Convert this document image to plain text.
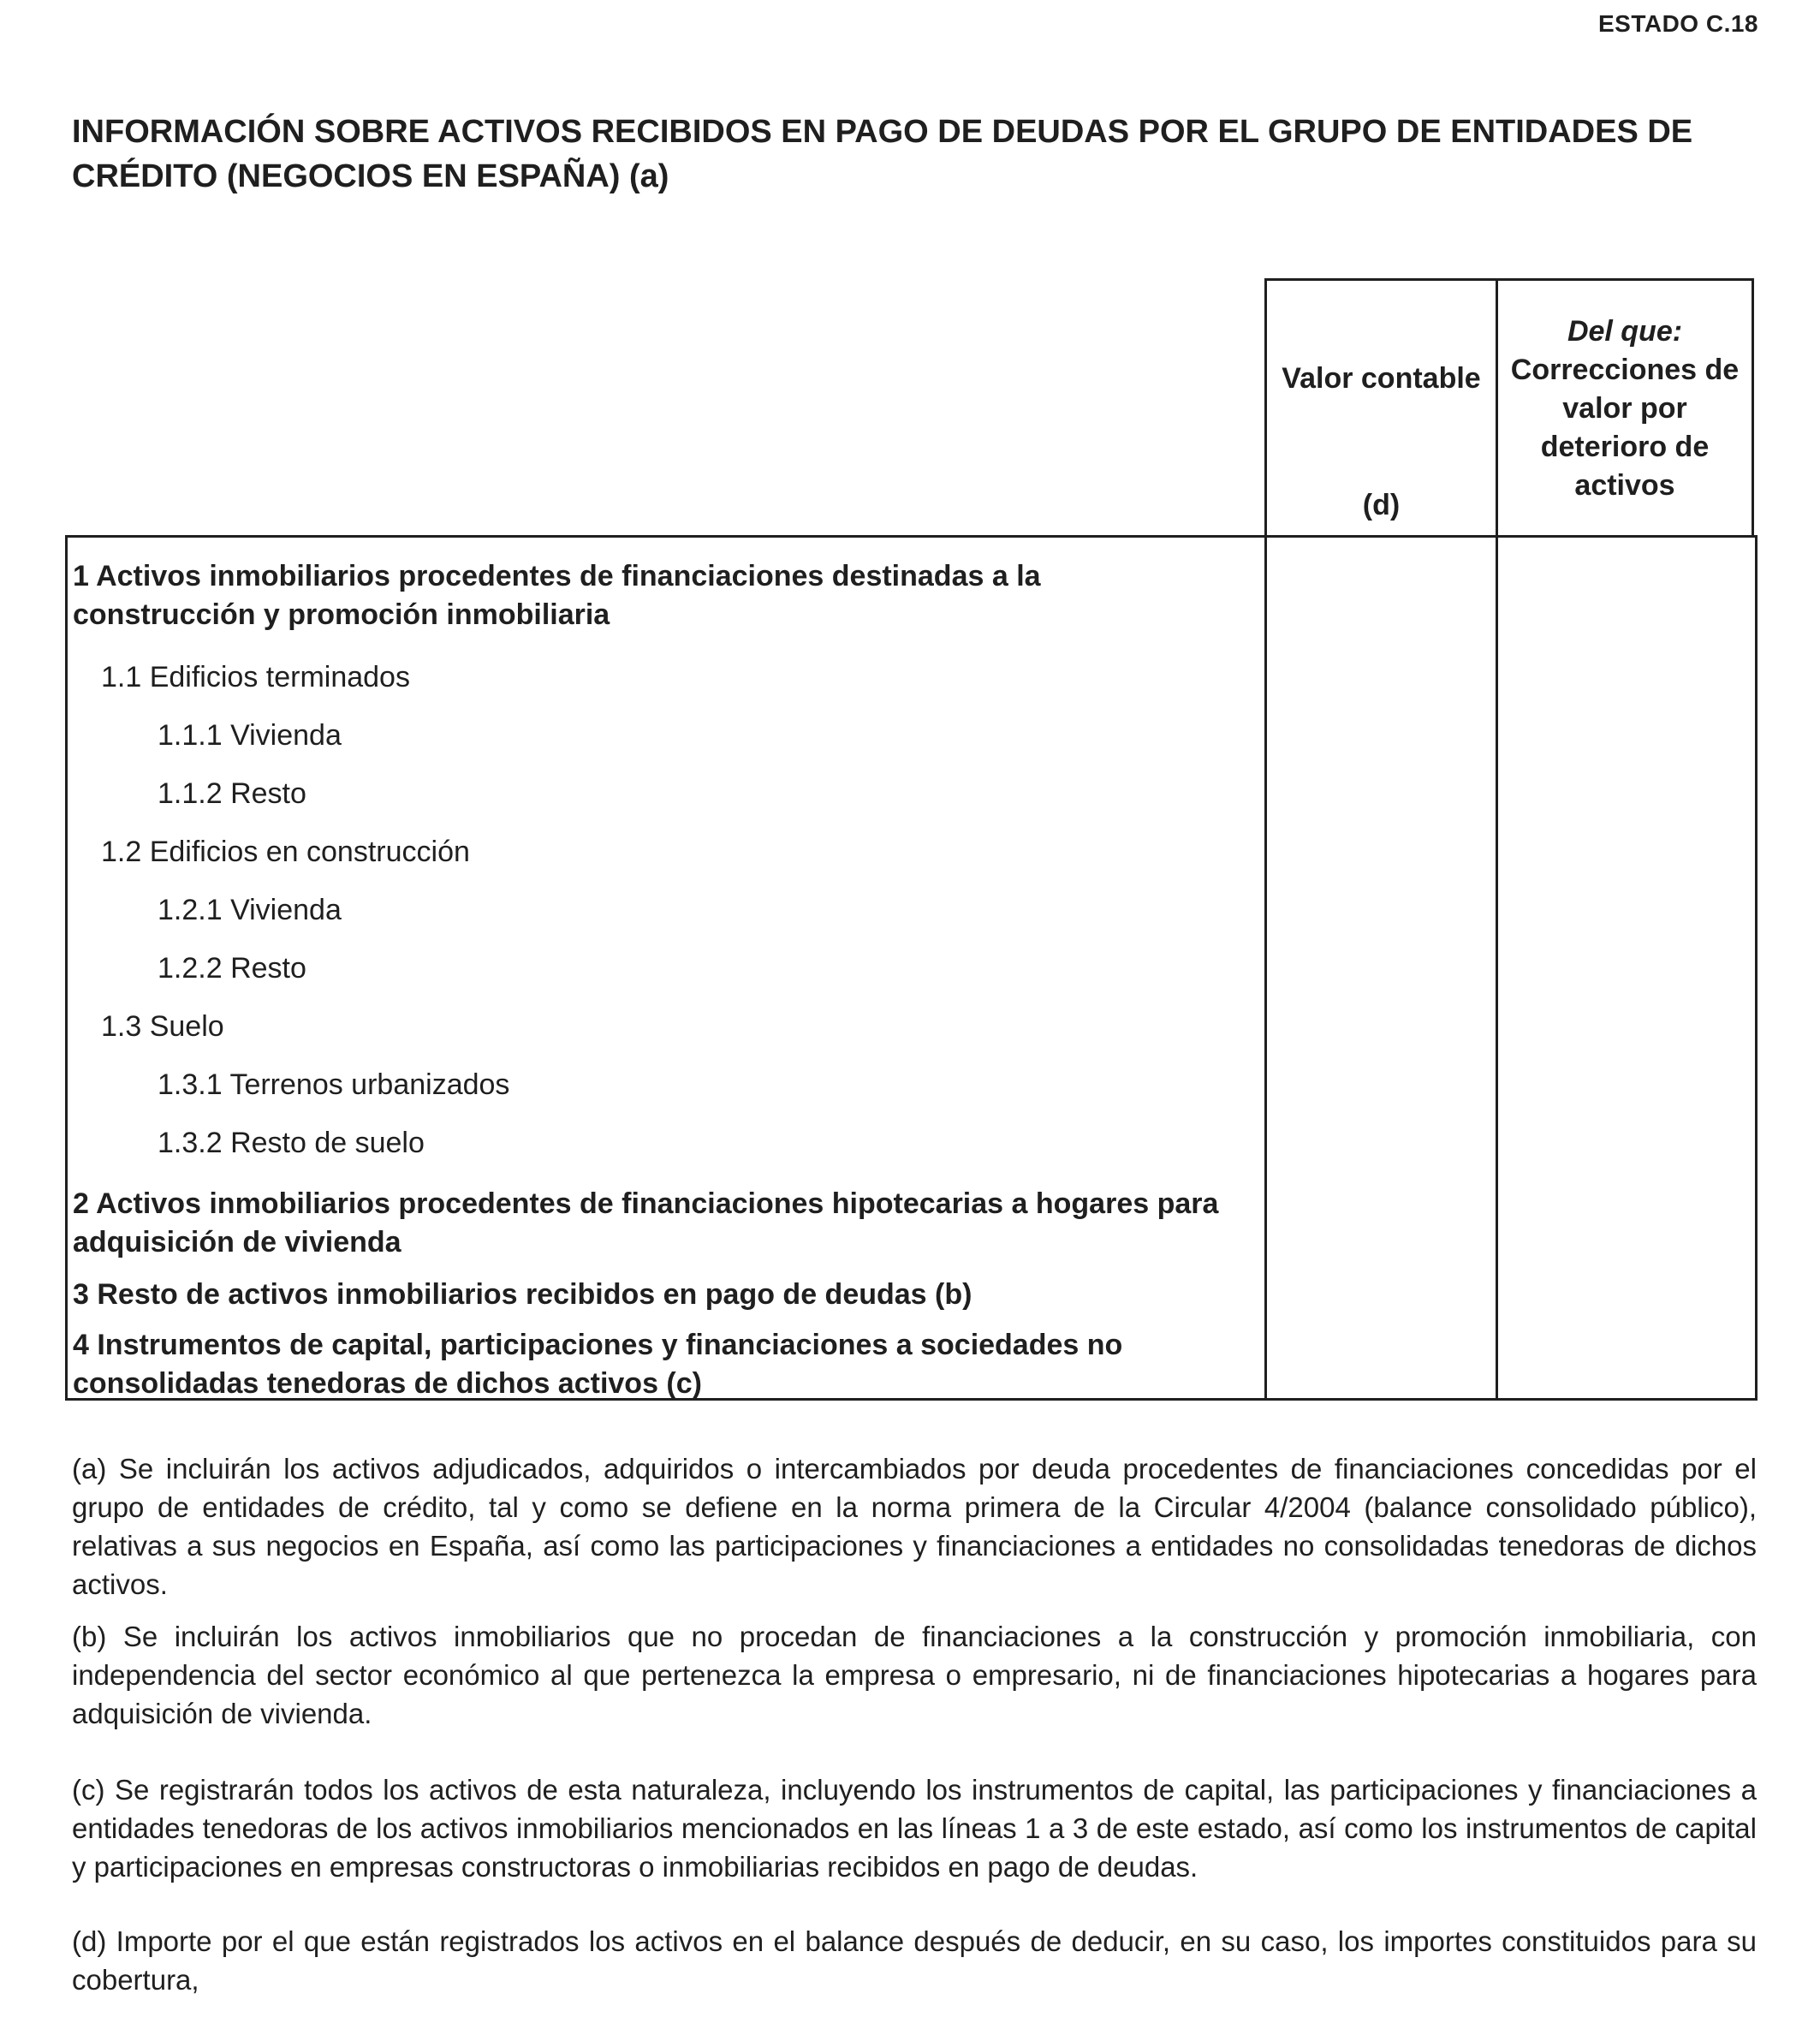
ESTADO C.18
INFORMACIÓN SOBRE ACTIVOS RECIBIDOS EN PAGO DE DEUDAS POR EL GRUPO DE ENTIDADES DE CRÉDITO (NEGOCIOS EN ESPAÑA) (a)
Valor contable
(d)
Del que:
Correcciones de valor por deterioro de activos
1 Activos inmobiliarios procedentes de financiaciones destinadas a la
construcción y promoción inmobiliaria
1.1 Edificios terminados
1.1.1 Vivienda
1.1.2 Resto
1.2 Edificios en construcción
1.2.1 Vivienda
1.2.2 Resto
1.3 Suelo
1.3.1 Terrenos urbanizados
1.3.2 Resto de suelo
2 Activos inmobiliarios procedentes de financiaciones hipotecarias a hogares para
adquisición de vivienda
3 Resto de activos inmobiliarios recibidos en pago de deudas (b)
4 Instrumentos de capital, participaciones y financiaciones a sociedades no
consolidadas tenedoras de dichos activos (c)

(a) Se incluirán los activos adjudicados, adquiridos o intercambiados por deuda procedentes de financiaciones concedidas por el grupo de entidades de crédito, tal y como se defiene en la norma primera de la Circular 4/2004 (balance consolidado público), relativas a sus negocios en España, así como las participaciones y financiaciones a entidades no consolidadas tenedoras de dichos activos.

(b) Se incluirán los activos inmobiliarios que no procedan de financiaciones a la construcción y promoción inmobiliaria, con independencia del sector económico al que pertenezca la empresa o empresario, ni de financiaciones hipotecarias a hogares para adquisición de vivienda.

(c) Se registrarán todos los activos de esta naturaleza, incluyendo los instrumentos de capital, las participaciones y financiaciones a entidades tenedoras de los activos inmobiliarios mencionados en las líneas 1 a 3 de este estado, así como los instrumentos de capital y participaciones en empresas constructoras o inmobiliarias recibidos en pago de deudas.

(d) Importe por el que están registrados los activos en el balance después de deducir, en su caso, los importes constituidos para su cobertura,
